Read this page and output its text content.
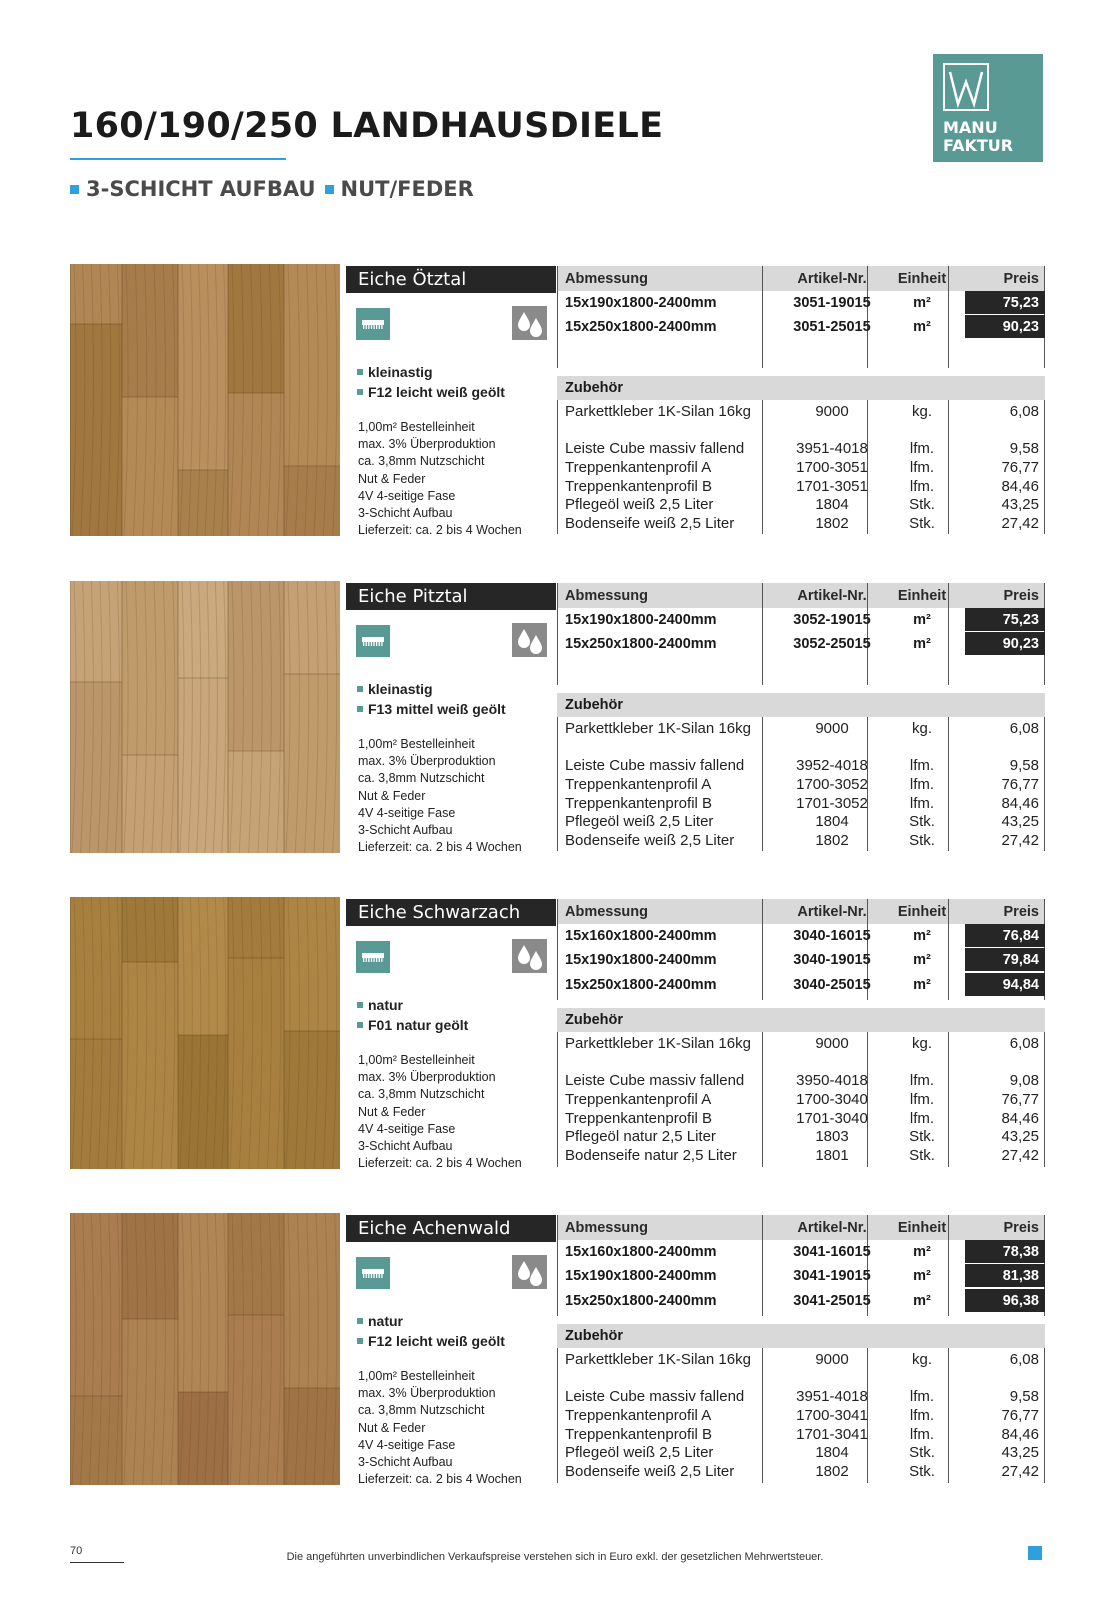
160/190/250 LANDHAUSDIELE
3-SCHICHT AUFBAU NUT/FEDER
MANU
FAKTUR
Eiche Ötztal
kleinastig
F12 leicht weiß geölt
1,00m² Bestelleinheit
max. 3% Überproduktion
ca. 3,8mm Nutzschicht
Nut & Feder
4V 4-seitige Fase
3-Schicht Aufbau
Lieferzeit: ca. 2 bis 4 Wochen
Abmessung	Artikel-Nr.	Einheit	Preis
15x190x1800-2400mm	3051-19015	m²	75,23
15x250x1800-2400mm	3051-25015	m²	90,23
Zubehör
Parkettkleber 1K-Silan 16kg	9000	kg.	6,08
Leiste Cube massiv fallend	3951-4018	lfm.	9,58
Treppenkantenprofil A	1700-3051	lfm.	76,77
Treppenkantenprofil B	1701-3051	lfm.	84,46
Pflegeöl weiß 2,5 Liter	1804	Stk.	43,25
Bodenseife weiß 2,5 Liter	1802	Stk.	27,42
Eiche Pitztal
kleinastig
F13 mittel weiß geölt
1,00m² Bestelleinheit
max. 3% Überproduktion
ca. 3,8mm Nutzschicht
Nut & Feder
4V 4-seitige Fase
3-Schicht Aufbau
Lieferzeit: ca. 2 bis 4 Wochen
Abmessung	Artikel-Nr.	Einheit	Preis
15x190x1800-2400mm	3052-19015	m²	75,23
15x250x1800-2400mm	3052-25015	m²	90,23
Zubehör
Parkettkleber 1K-Silan 16kg	9000	kg.	6,08
Leiste Cube massiv fallend	3952-4018	lfm.	9,58
Treppenkantenprofil A	1700-3052	lfm.	76,77
Treppenkantenprofil B	1701-3052	lfm.	84,46
Pflegeöl weiß 2,5 Liter	1804	Stk.	43,25
Bodenseife weiß 2,5 Liter	1802	Stk.	27,42
Eiche Schwarzach
natur
F01 natur geölt
1,00m² Bestelleinheit
max. 3% Überproduktion
ca. 3,8mm Nutzschicht
Nut & Feder
4V 4-seitige Fase
3-Schicht Aufbau
Lieferzeit: ca. 2 bis 4 Wochen
Abmessung	Artikel-Nr.	Einheit	Preis
15x160x1800-2400mm	3040-16015	m²	76,84
15x190x1800-2400mm	3040-19015	m²	79,84
15x250x1800-2400mm	3040-25015	m²	94,84
Zubehör
Parkettkleber 1K-Silan 16kg	9000	kg.	6,08
Leiste Cube massiv fallend	3950-4018	lfm.	9,08
Treppenkantenprofil A	1700-3040	lfm.	76,77
Treppenkantenprofil B	1701-3040	lfm.	84,46
Pflegeöl natur 2,5 Liter	1803	Stk.	43,25
Bodenseife natur 2,5 Liter	1801	Stk.	27,42
Eiche Achenwald
natur
F12 leicht weiß geölt
1,00m² Bestelleinheit
max. 3% Überproduktion
ca. 3,8mm Nutzschicht
Nut & Feder
4V 4-seitige Fase
3-Schicht Aufbau
Lieferzeit: ca. 2 bis 4 Wochen
Abmessung	Artikel-Nr.	Einheit	Preis
15x160x1800-2400mm	3041-16015	m²	78,38
15x190x1800-2400mm	3041-19015	m²	81,38
15x250x1800-2400mm	3041-25015	m²	96,38
Zubehör
Parkettkleber 1K-Silan 16kg	9000	kg.	6,08
Leiste Cube massiv fallend	3951-4018	lfm.	9,58
Treppenkantenprofil A	1700-3041	lfm.	76,77
Treppenkantenprofil B	1701-3041	lfm.	84,46
Pflegeöl weiß 2,5 Liter	1804	Stk.	43,25
Bodenseife weiß 2,5 Liter	1802	Stk.	27,42
70	Die angeführten unverbindlichen Verkaufspreise verstehen sich in Euro exkl. der gesetzlichen Mehrwertsteuer.
